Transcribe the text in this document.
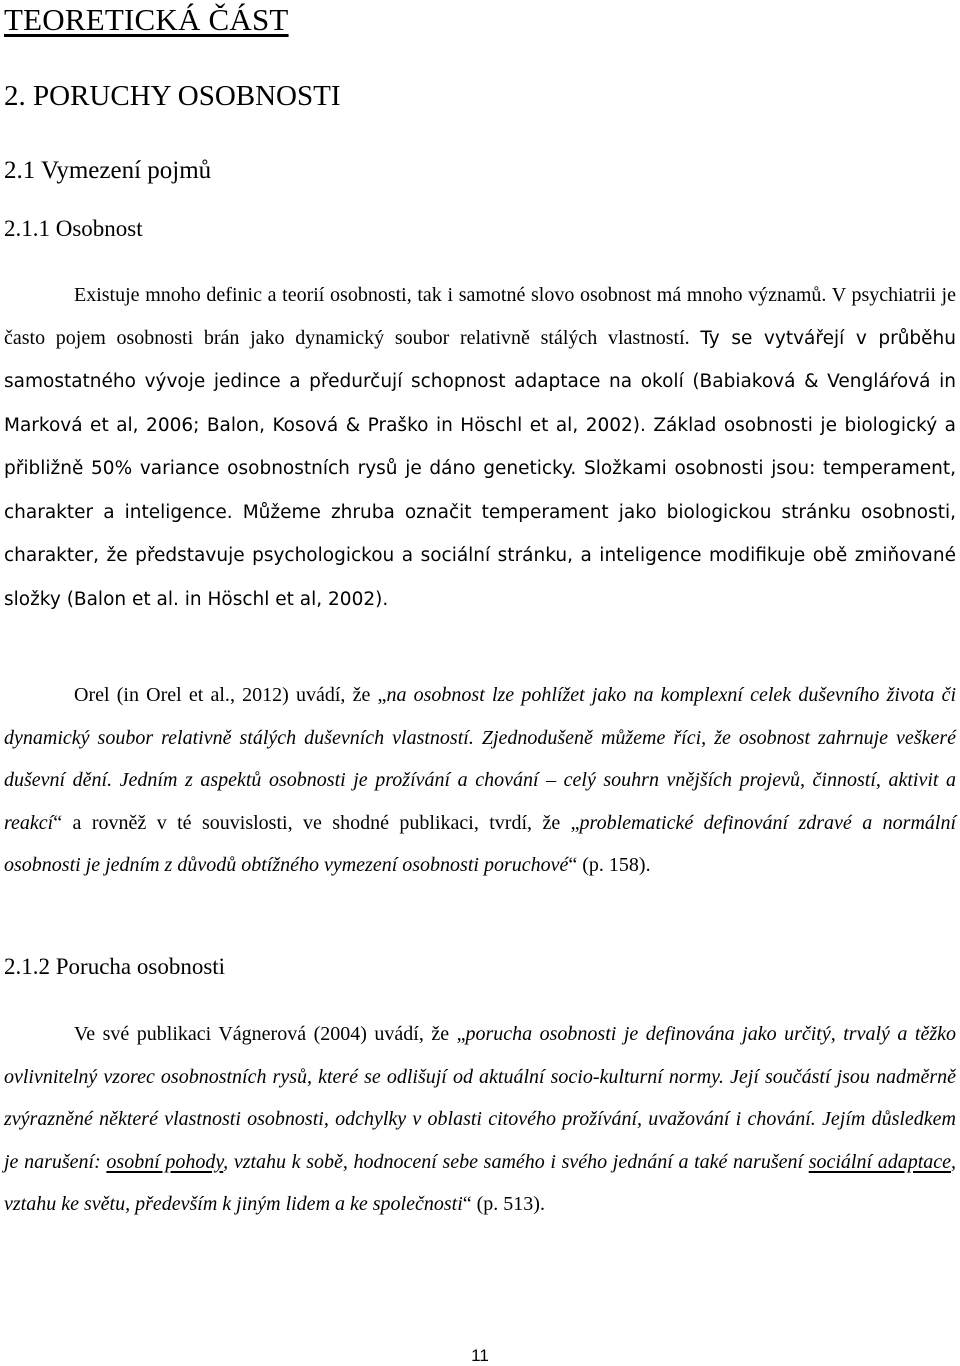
TEORETICKÁ ČÁST
2. PORUCHY OSOBNOSTI
2.1 Vymezení pojmů
2.1.1 Osobnost

Existuje mnoho definic a teorií osobnosti, tak i samotné slovo osobnost má mnoho významů. V psychiatrii je často pojem osobnosti brán jako dynamický soubor relativně stálých vlastností. Ty se vytvářejí v průběhu samostatného vývoje jedince a předurčují schopnost adaptace na okolí (Babiaková & Vengláŕová in Marková et al, 2006; Balon, Kosová & Praško in Höschl et al, 2002). Základ osobnosti je biologický a přibližně 50% variance osobnostních rysů je dáno geneticky. Složkami osobnosti jsou: temperament, charakter a inteligence. Můžeme zhruba označit temperament jako biologickou stránku osobnosti, charakter, že představuje psychologickou a sociální stránku, a inteligence modifikuje obě zmiňované složky (Balon et al. in Höschl et al, 2002).

Orel (in Orel et al., 2012) uvádí, že „na osobnost lze pohlížet jako na komplexní celek duševního života či dynamický soubor relativně stálých duševních vlastností. Zjednodušeně můžeme říci, že osobnost zahrnuje veškeré duševní dění. Jedním z aspektů osobnosti je prožívání a chování – celý souhrn vnějších projevů, činností, aktivit a reakcí“ a rovněž v té souvislosti, ve shodné publikaci, tvrdí, že „problematické definování zdravé a normální osobnosti je jedním z důvodů obtížného vymezení osobnosti poruchové“ (p. 158).

2.1.2 Porucha osobnosti

Ve své publikaci Vágnerová (2004) uvádí, že „porucha osobnosti je definována jako určitý, trvalý a těžko ovlivnitelný vzorec osobnostních rysů, které se odlišují od aktuální socio-kulturní normy. Její součástí jsou nadměrně zvýrazněné některé vlastnosti osobnosti, odchylky v oblasti citového prožívání, uvažování i chování. Jejím důsledkem je narušení: osobní pohody, vztahu k sobě, hodnocení sebe samého i svého jednání a také narušení sociální adaptace, vztahu ke světu, především k jiným lidem a ke společnosti“ (p. 513).

11
